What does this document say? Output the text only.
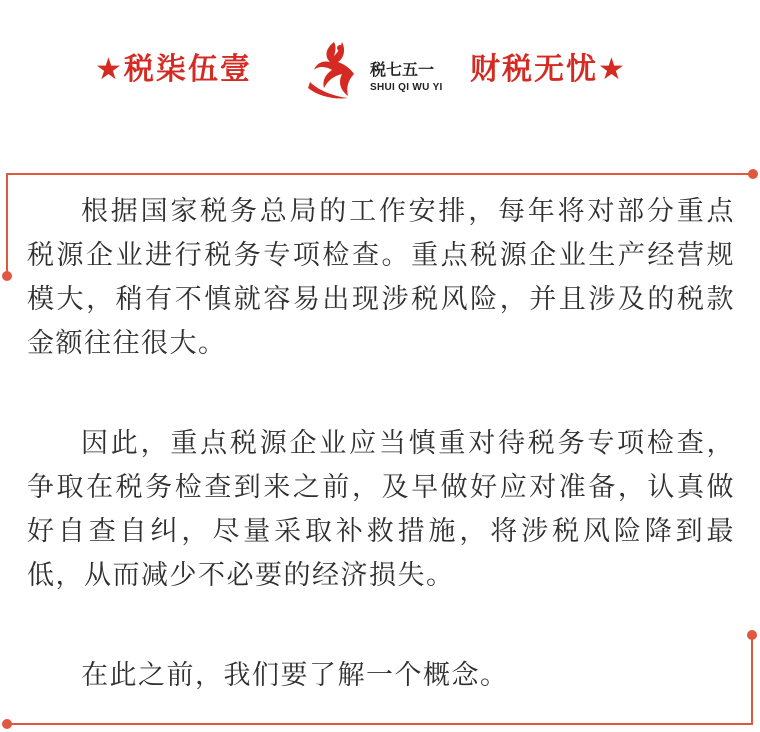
★税柒伍壹	税七五一
SHUI QI WU YI
财税无忧★

根据国家税务总局的工作安排，每年将对部分重点税源企业进行税务专项检查。重点税源企业生产经营规模大，稍有不慎就容易出现涉税风险，并且涉及的税款金额往往很大。

因此，重点税源企业应当慎重对待税务专项检查，争取在税务检查到来之前，及早做好应对准备，认真做好自查自纠，尽量采取补救措施，将涉税风险降到最低，从而减少不必要的经济损失。

在此之前，我们要了解一个概念。
